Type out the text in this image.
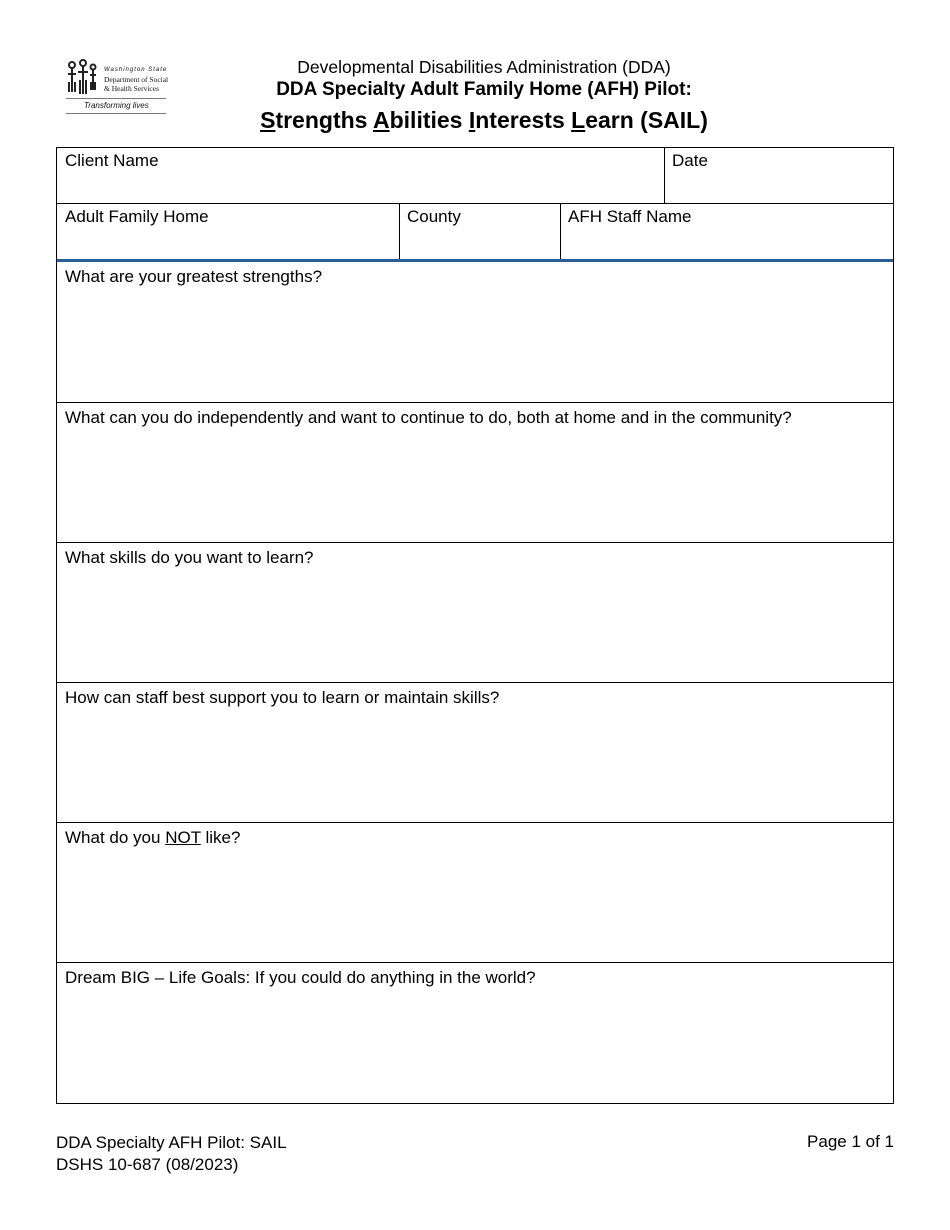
Washington State
Department of Social
& Health Services
Transforming lives
Developmental Disabilities Administration (DDA)
DDA Specialty Adult Family Home (AFH) Pilot:
Strengths Abilities Interests Learn (SAIL)
Client Name	Date
Adult Family Home	County	AFH Staff Name
What are your greatest strengths?
What can you do independently and want to continue to do, both at home and in the community?
What skills do you want to learn?
How can staff best support you to learn or maintain skills?
What do you NOT like?
Dream BIG – Life Goals: If you could do anything in the world?
DDA Specialty AFH Pilot: SAIL
DSHS 10-687 (08/2023)
Page 1 of 1
